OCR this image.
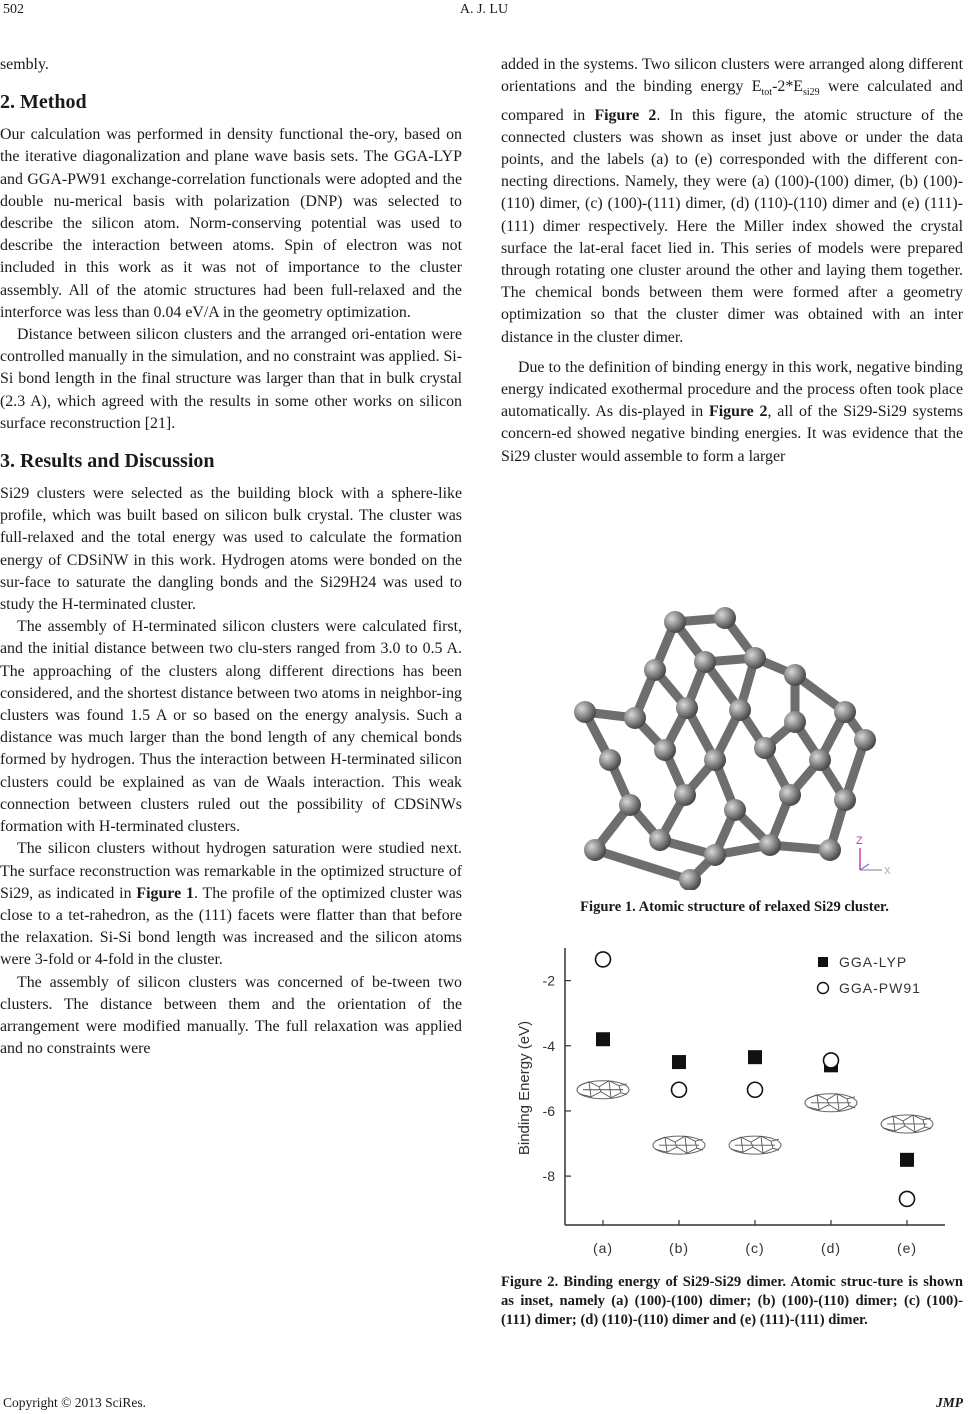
502	A. J. LU

sembly.

2. Method

Our calculation was performed in density functional the-ory, based on the iterative diagonalization and plane wave basis sets. The GGA-LYP and GGA-PW91 exchange-correlation functionals were adopted and the double nu-merical basis with polarization (DNP) was selected to describe the silicon atom. Norm-conserving potential was used to describe the interaction between atoms. Spin of electron was not included in this work as it was not of importance to the cluster assembly. All of the atomic structures had been full-relaxed and the interforce was less than 0.04 eV/A in the geometry optimization.

Distance between silicon clusters and the arranged ori-entation were controlled manually in the simulation, and no constraint was applied. Si-Si bond length in the final structure was larger than that in bulk crystal (2.3 A), which agreed with the results in some other works on silicon surface reconstruction [21].

3. Results and Discussion

Si29 clusters were selected as the building block with a sphere-like profile, which was built based on silicon bulk crystal. The cluster was full-relaxed and the total energy was used to calculate the formation energy of CDSiNW in this work. Hydrogen atoms were bonded on the sur-face to saturate the dangling bonds and the Si29H24 was used to study the H-terminated cluster.

The assembly of H-terminated silicon clusters were calculated first, and the initial distance between two clu-sters ranged from 3.0 to 0.5 A. The approaching of the clusters along different directions has been considered, and the shortest distance between two atoms in neighbor-ing clusters was found 1.5 A or so based on the energy analysis. Such a distance was much larger than the bond length of any chemical bonds formed by hydrogen. Thus the interaction between H-terminated silicon clusters could be explained as van de Waals interaction. This weak connection between clusters ruled out the possibility of CDSiNWs formation with H-terminated clusters.

The silicon clusters without hydrogen saturation were studied next. The surface reconstruction was remarkable in the optimized structure of Si29, as indicated in Figure 1. The profile of the optimized cluster was close to a tet-rahedron, as the (111) facets were flatter than that before the relaxation. Si-Si bond length was increased and the silicon atoms were 3-fold or 4-fold in the cluster.

The assembly of silicon clusters was concerned of be-tween two clusters. The distance between them and the orientation of the arrangement were modified manually. The full relaxation was applied and no constraints were

added in the systems. Two silicon clusters were arranged along different orientations and the binding energy $E_{tot}-2*E_{si29}$ were calculated and compared in Figure 2. In this figure, the atomic structure of the connected clusters was shown as inset just above or under the data points, and the labels (a) to (e) corresponded with the different con-necting directions. Namely, they were (a) (100)-(100) dimer, (b) (100)-(110) dimer, (c) (100)-(111) dimer, (d) (110)-(110) dimer and (e) (111)-(111) dimer respectively. Here the Miller index showed the crystal surface the lat-eral facet lied in. This series of models were prepared through rotating one cluster around the other and laying them together. The chemical bonds between them were formed after a geometry optimization so that the cluster dimer was obtained with an inter distance in the cluster dimer.

Due to the definition of binding energy in this work, negative binding energy indicated exothermal procedure and the process often took place automatically. As dis-played in Figure 2, all of the Si29-Si29 systems concern-ed showed negative binding energies. It was evidence that the Si29 cluster would assemble to form a larger

Z
X
Figure 1. Atomic structure of relaxed Si29 cluster.
-2
-4
-6
-8
(a)	(b)	(c)	(d)	(e)
Binding Energy (eV)
GGA-LYP
GGA-PW91
Figure 2. Binding energy of Si29-Si29 dimer. Atomic struc-ture is shown as inset, namely (a) (100)-(100) dimer; (b) (100)-(110) dimer; (c) (100)-(111) dimer; (d) (110)-(110) dimer and (e) (111)-(111) dimer.
Copyright © 2013 SciRes.	JMP
